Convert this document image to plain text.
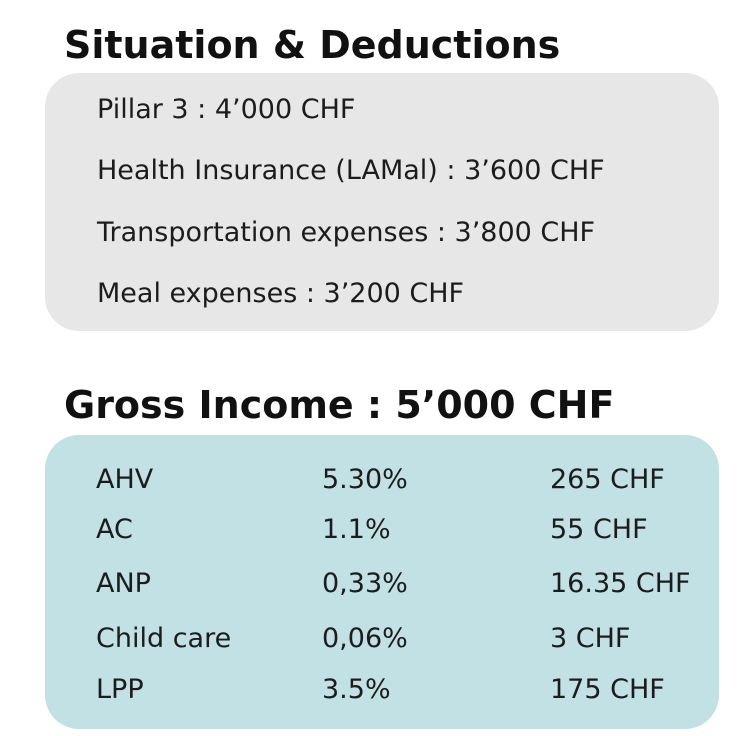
Situation & Deductions
Pillar 3 : 4’000 CHF
Health Insurance (LAMal) : 3’600 CHF
Transportation expenses : 3’800 CHF
Meal expenses : 3’200 CHF
Gross Income : 5’000 CHF
AHV	5.30%	265 CHF
AC	1.1%	55 CHF
ANP	0,33%	16.35 CHF
Child care	0,06%	3 CHF
LPP	3.5%	175 CHF
